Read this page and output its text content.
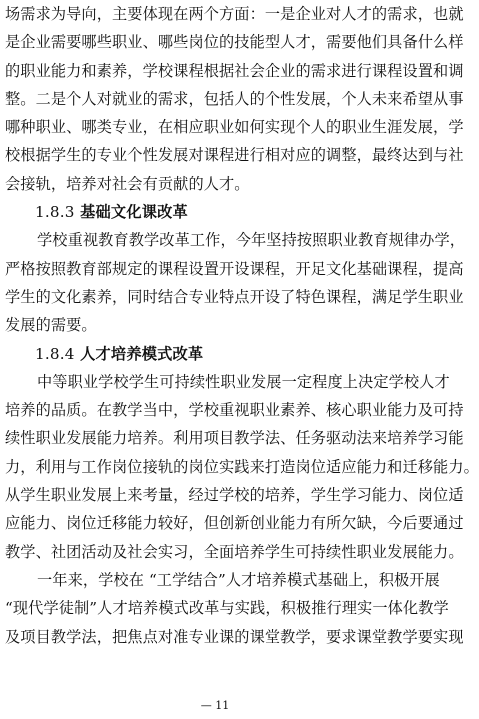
场需求为导向，主要体现在两个方面：一是企业对人才的需求，也就
是企业需要哪些职业、哪些岗位的技能型人才，需要他们具备什么样
的职业能力和素养，学校课程根据社会企业的需求进行课程设置和调
整。二是个人对就业的需求，包括人的个性发展，个人未来希望从事
哪种职业、哪类专业，在相应职业如何实现个人的职业生涯发展，学
校根据学生的专业个性发展对课程进行相对应的调整，最终达到与社
会接轨，培养对社会有贡献的人才。
1.8.3 基础文化课改革
学校重视教育教学改革工作，今年坚持按照职业教育规律办学，
严格按照教育部规定的课程设置开设课程，开足文化基础课程，提高
学生的文化素养，同时结合专业特点开设了特色课程，满足学生职业
发展的需要。
1.8.4 人才培养模式改革
中等职业学校学生可持续性职业发展一定程度上决定学校人才
培养的品质。在教学当中，学校重视职业素养、核心职业能力及可持
续性职业发展能力培养。利用项目教学法、任务驱动法来培养学习能
力，利用与工作岗位接轨的岗位实践来打造岗位适应能力和迁移能力。
从学生职业发展上来考量，经过学校的培养，学生学习能力、岗位适
应能力、岗位迁移能力较好，但创新创业能力有所欠缺，今后要通过
教学、社团活动及社会实习，全面培养学生可持续性职业发展能力。
一年来，学校在 “工学结合”人才培养模式基础上，积极开展
“现代学徒制”人才培养模式改革与实践，积极推行理实一体化教学
及项目教学法，把焦点对准专业课的课堂教学，要求课堂教学要实现
— 11
